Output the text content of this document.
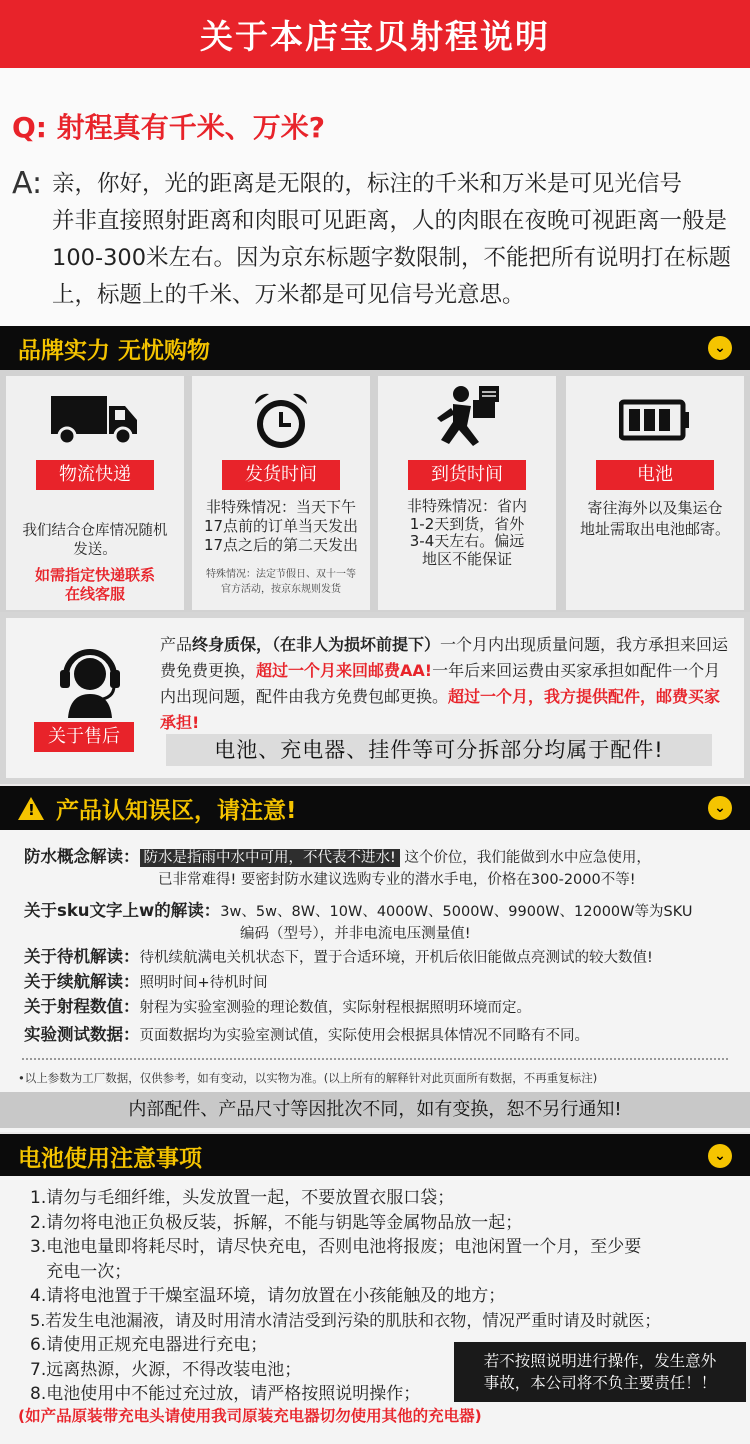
关于本店宝贝射程说明
Q: 射程真有千米、万米?
A: 亲，你好，光的距离是无限的，标注的千米和万米是可见光信号
并非直接照射距离和肉眼可见距离，人的肉眼在夜晚可视距离一般是
100-300米左右。因为京东标题字数限制，不能把所有说明打在标题
上，标题上的千米、万米都是可见信号光意思。
品牌实力 无忧购物	⌄
物流快递
我们结合仓库情况随机
发送。
如需指定快递联系
在线客服
发货时间
非特殊情况：当天下午
17点前的订单当天发出
17点之后的第二天发出
特殊情况：法定节假日、双十一等
官方活动，按京东规则发货
到货时间
非特殊情况：省内
1-2天到货，省外
3-4天左右。偏远
地区不能保证
电池
寄往海外以及集运仓
地址需取出电池邮寄。
关于售后
产品终身质保，（在非人为损坏前提下）一个月内出现质量问题，我方承担来回运费免费更换，超过一个月来回邮费AA!一年后来回运费由买家承担如配件一个月内出现问题，配件由我方免费包邮更换。超过一个月，我方提供配件，邮费买家承担!
电池、充电器、挂件等可分拆部分均属于配件!
! 产品认知误区，请注意!	⌄
防水概念解读： 防水是指雨中水中可用，不代表不进水! 这个价位，我们能做到水中应急使用，
已非常难得! 要密封防水建议选购专业的潜水手电，价格在300-2000不等!
关于sku文字上w的解读：3w、5w、8W、10W、4000W、5000W、9900W、12000W等为SKU
编码（型号），并非电流电压测量值!
关于待机解读：待机续航满电关机状态下，置于合适环境，开机后依旧能做点亮测试的较大数值!
关于续航解读：照明时间+待机时间
关于射程数值：射程为实验室测验的理论数值，实际射程根据照明环境而定。
实验测试数据：页面数据均为实验室测试值，实际使用会根据具体情况不同略有不同。
•以上参数为工厂数据，仅供参考，如有变动，以实物为准。(以上所有的解释针对此页面所有数据，不再重复标注)
内部配件、产品尺寸等因批次不同，如有变换，恕不另行通知!
电池使用注意事项	⌄
1.请勿与毛细纤维，头发放置一起，不要放置衣服口袋；
2.请勿将电池正负极反装，拆解，不能与钥匙等金属物品放一起；
3.电池电量即将耗尽时，请尽快充电，否则电池将报废；电池闲置一个月，至少要
充电一次；
4.请将电池置于干燥室温环境，请勿放置在小孩能触及的地方；
5.若发生电池漏液，请及时用清水清洁受到污染的肌肤和衣物，情况严重时请及时就医；
6.请使用正规充电器进行充电；
7.远离热源，火源，不得改装电池；
8.电池使用中不能过充过放，请严格按照说明操作；
若不按照说明进行操作，发生意外
事故，本公司将不负主要责任！！
(如产品原装带充电头请使用我司原装充电器切勿使用其他的充电器)
